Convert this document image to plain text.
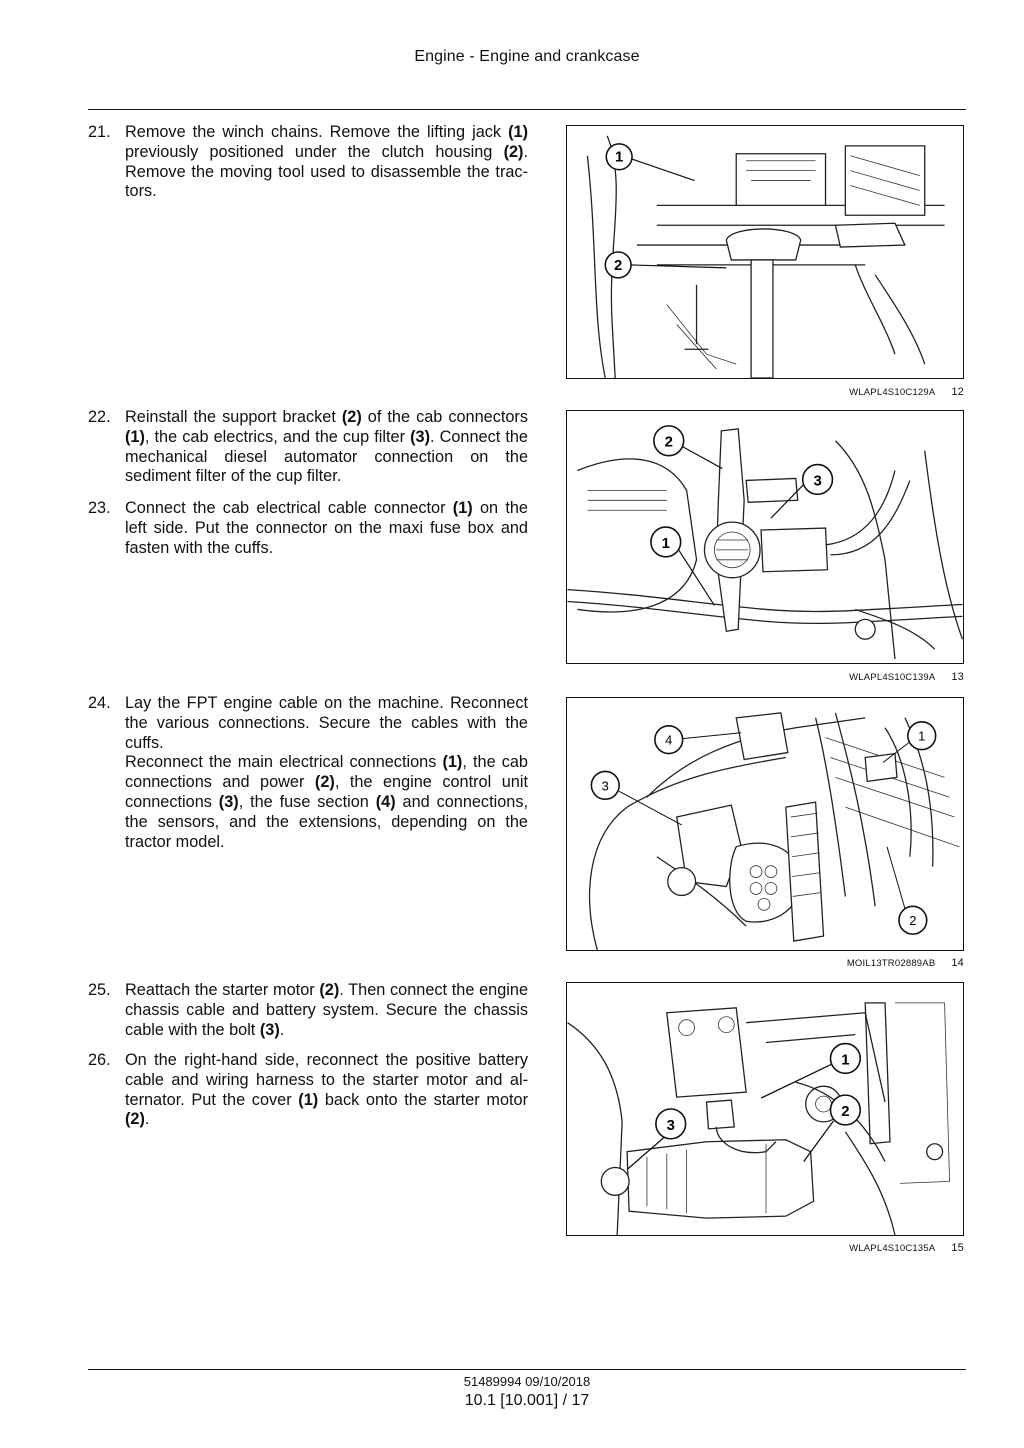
Engine - Engine and crankcase
21. Remove the winch chains. Remove the lifting jack (1) previously positioned under the clutch housing (2). Remove the moving tool used to disassemble the trac-tors.
1
2
WLAPL4S10C129A 12
22. Reinstall the support bracket (2) of the cab connectors (1), the cab electrics, and the cup filter (3). Connect the mechanical diesel automator connection on the sediment filter of the cup filter.
23. Connect the cab electrical cable connector (1) on the left side. Put the connector on the maxi fuse box and fasten with the cuffs.
2
3
1
WLAPL4S10C139A 13
24. Lay the FPT engine cable on the machine. Reconnect the various connections. Secure the cables with the cuffs.
Reconnect the main electrical connections (1), the cab connections and power (2), the engine control unit connections (3), the fuse section (4) and connections, the sensors, and the extensions, depending on the tractor model.
4	1
3
2
MOIL13TR02889AB 14
25. Reattach the starter motor (2). Then connect the engine chassis cable and battery system. Secure the chassis cable with the bolt (3).
26. On the right-hand side, reconnect the positive battery cable and wiring harness to the starter motor and al-ternator. Put the cover (1) back onto the starter motor (2).
1
3
2
WLAPL4S10C135A 15
51489994 09/10/2018
10.1 [10.001] / 17
